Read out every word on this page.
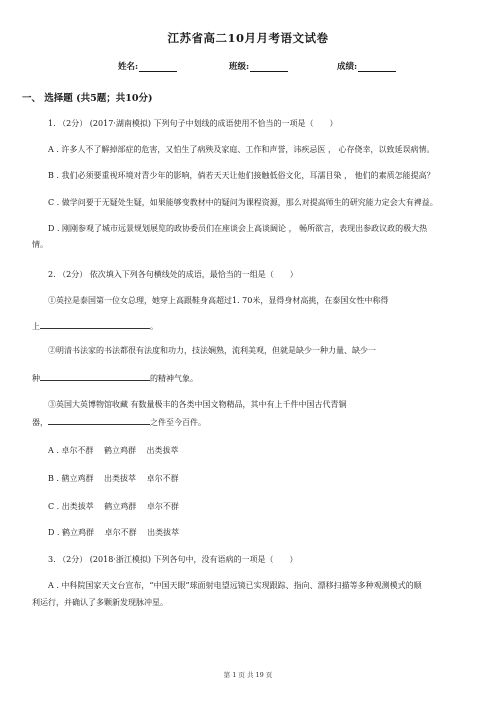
江苏省高二10月月考语文试卷
姓名:	班级:	成绩:
一、 选择题 (共5题；共10分)
1. （2分） (2017·湖南模拟) 下列句子中划线的成语使用不恰当的一项是（　　）
A . 许多人不了解掉部症的危害，又怕生了病殃及家庭、工作和声誉，讳疾忌医 ， 心存侥幸，以致延误病情。
B . 我们必须要重视环境对青少年的影响，倘若天天让他们接触低俗文化，耳濡目染 ， 他们的素质怎能提高？
C . 做学问要于无疑处生疑，如果能够变教材中的疑问为课程资源，那么对提高师生的研究能力定会大有裨益。
D . 刚刚参观了城市远景规划展览的政协委员们在座谈会上高谈阔论 ， 畅所欲言，表现出参政议政的极大热
情。
2. （2分） 依次填入下列各句横线处的成语，最恰当的一组是（　　）
①英拉是泰国第一位女总理，她穿上高跟鞋身高超过1. 70米，显得身材高挑，在泰国女性中称得
上	。
②明清书法家的书法都很有法度和功力，技法娴熟，流利美观，但就是缺少一种力量、缺少一
种	的精神气象。
③英国大英博物馆收藏 有数量极丰的各类中国文物精品，其中有上千件中国古代青铜
器，	之件至今百件。
A . 卓尔不群　 鹤立鸡群　 出类拔萃
B . 鹤立鸡群　 出类拔萃　 卓尔不群
C . 出类拔萃　 鹤立鸡群　 卓尔不群
D . 鹤立鸡群　 卓尔不群　 出类拔萃
3. （2分） (2018·浙江模拟) 下列各句中，没有语病的一项是（　　）
A . 中科院国家天文台宣布，“中国天眼”球面射电望远镜已实现跟踪、指向、漂移扫描等多种观测模式的顺
利运行，并确认了多颗新发现脉冲星。
第 1 页 共 19 页
